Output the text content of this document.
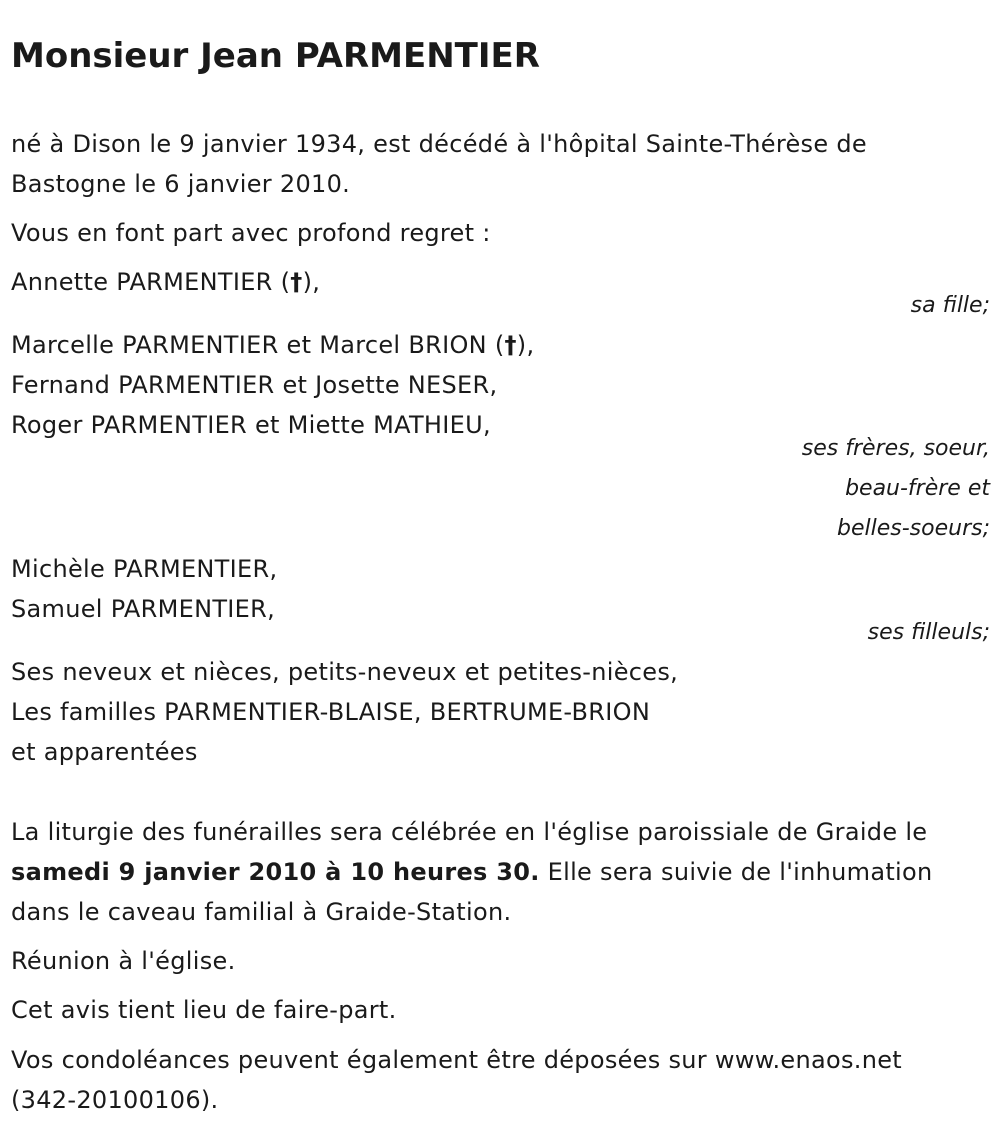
Monsieur Jean PARMENTIER
né à Dison le 9 janvier 1934, est décédé à l'hôpital Sainte-Thérèse de
Bastogne le 6 janvier 2010.
Vous en font part avec profond regret :
Annette PARMENTIER (†),
sa fille;
Marcelle PARMENTIER et Marcel BRION (†),
Fernand PARMENTIER et Josette NESER,
Roger PARMENTIER et Miette MATHIEU,
ses frères, soeur,
beau-frère et
belles-soeurs;
Michèle PARMENTIER,
Samuel PARMENTIER,
ses filleuls;
Ses neveux et nièces, petits-neveux et petites-nièces,
Les familles PARMENTIER-BLAISE, BERTRUME-BRION
et apparentées
La liturgie des funérailles sera célébrée en l'église paroissiale de Graide le
samedi 9 janvier 2010 à 10 heures 30. Elle sera suivie de l'inhumation
dans le caveau familial à Graide-Station.
Réunion à l'église.
Cet avis tient lieu de faire-part.
Vos condoléances peuvent également être déposées sur www.enaos.net
(342-20100106).
